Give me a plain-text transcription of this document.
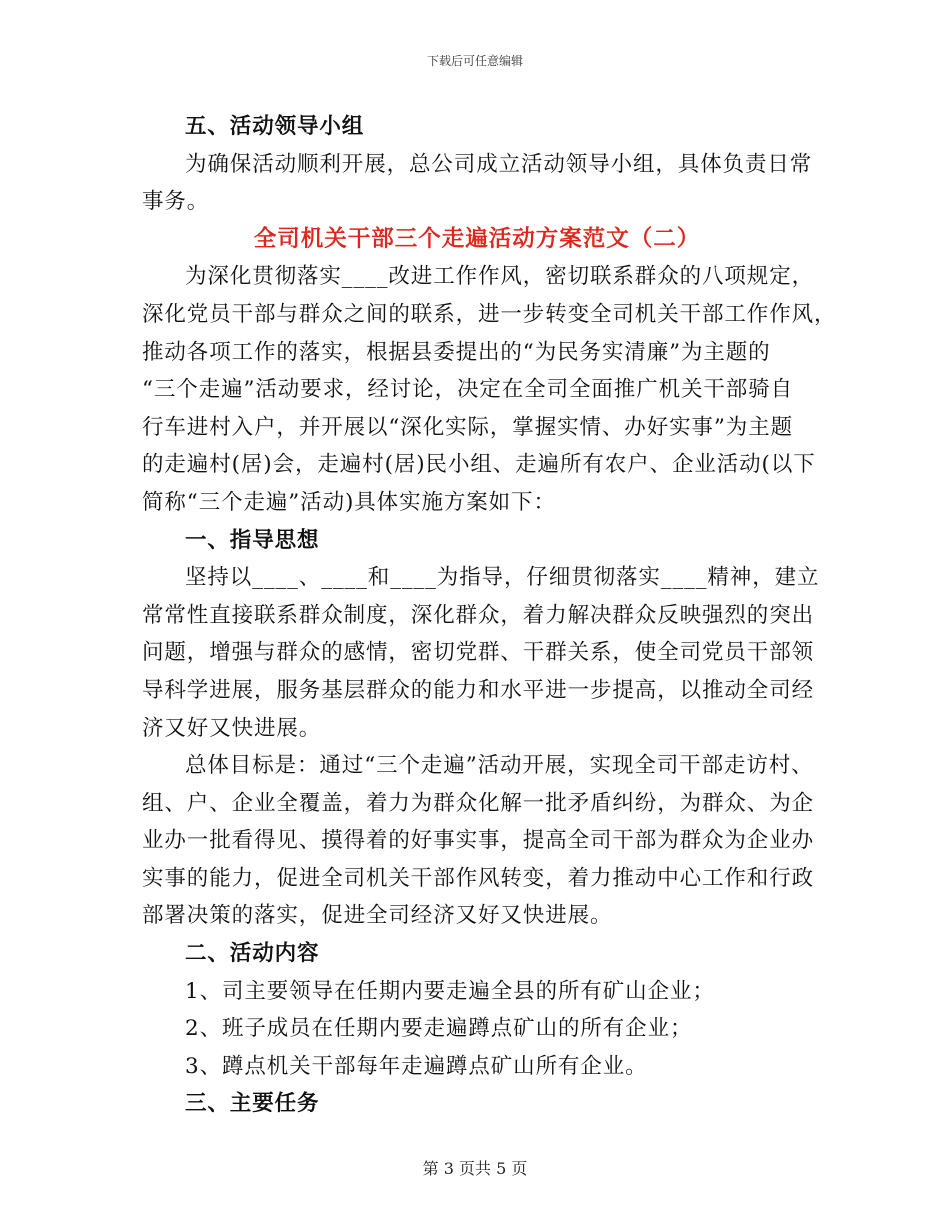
下载后可任意编辑
五、活动领导小组
为确保活动顺利开展，总公司成立活动领导小组，具体负责日常
事务。
全司机关干部三个走遍活动方案范文（二）
为深化贯彻落实____改进工作作风，密切联系群众的八项规定，
深化党员干部与群众之间的联系，进一步转变全司机关干部工作作风，
推动各项工作的落实，根据县委提出的“为民务实清廉”为主题的
“三个走遍”活动要求，经讨论，决定在全司全面推广机关干部骑自
行车进村入户，并开展以“深化实际，掌握实情、办好实事”为主题
的走遍村(居)会，走遍村(居)民小组、走遍所有农户、企业活动(以下
简称“三个走遍”活动)具体实施方案如下：
一、指导思想
坚持以____、____和____为指导，仔细贯彻落实____精神，建立
常常性直接联系群众制度，深化群众，着力解决群众反映强烈的突出
问题，增强与群众的感情，密切党群、干群关系，使全司党员干部领
导科学进展，服务基层群众的能力和水平进一步提高，以推动全司经
济又好又快进展。
总体目标是：通过“三个走遍”活动开展，实现全司干部走访村、
组、户、企业全覆盖，着力为群众化解一批矛盾纠纷，为群众、为企
业办一批看得见、摸得着的好事实事，提高全司干部为群众为企业办
实事的能力，促进全司机关干部作风转变，着力推动中心工作和行政
部署决策的落实，促进全司经济又好又快进展。
二、活动内容
1、司主要领导在任期内要走遍全县的所有矿山企业；
2、班子成员在任期内要走遍蹲点矿山的所有企业；
3、蹲点机关干部每年走遍蹲点矿山所有企业。
三、主要任务
第 3 页共 5 页
